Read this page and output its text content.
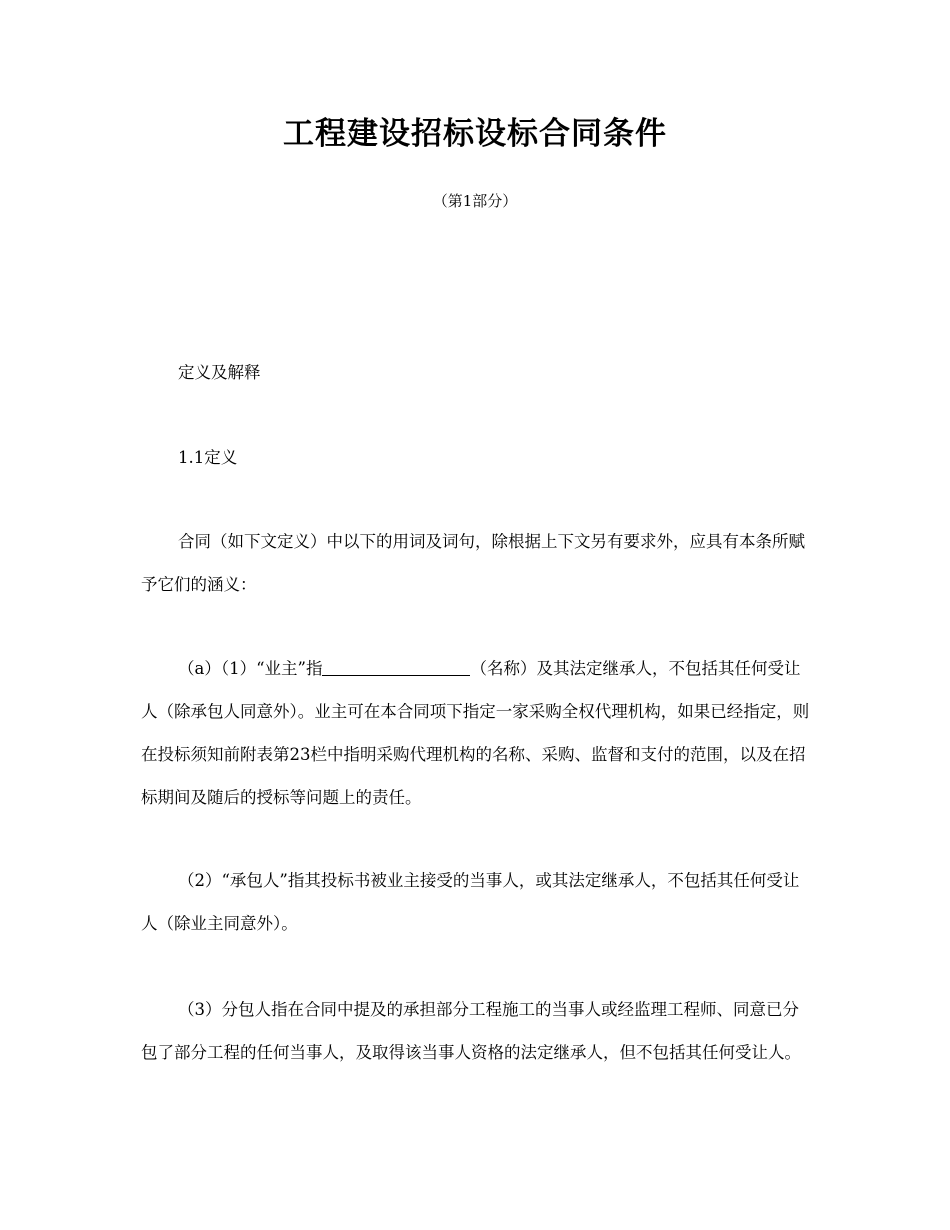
工程建设招标设标合同条件
（第1部分）

定义及解释

1.1定义

合同（如下文定义）中以下的用词及词句，除根据上下文另有要求外，应具有本条所赋予它们的涵义：

（a）（1）“业主”指	（名称）及其法定继承人，不包括其任何受让人（除承包人同意外）。业主可在本合同项下指定一家采购全权代理机构，如果已经指定，则在投标须知前附表第23栏中指明采购代理机构的名称、采购、监督和支付的范围，以及在招标期间及随后的授标等问题上的责任。

（2）“承包人”指其投标书被业主接受的当事人，或其法定继承人，不包括其任何受让人（除业主同意外）。

（3）分包人指在合同中提及的承担部分工程施工的当事人或经监理工程师、同意已分包了部分工程的任何当事人，及取得该当事人资格的法定继承人，但不包括其任何受让人。
